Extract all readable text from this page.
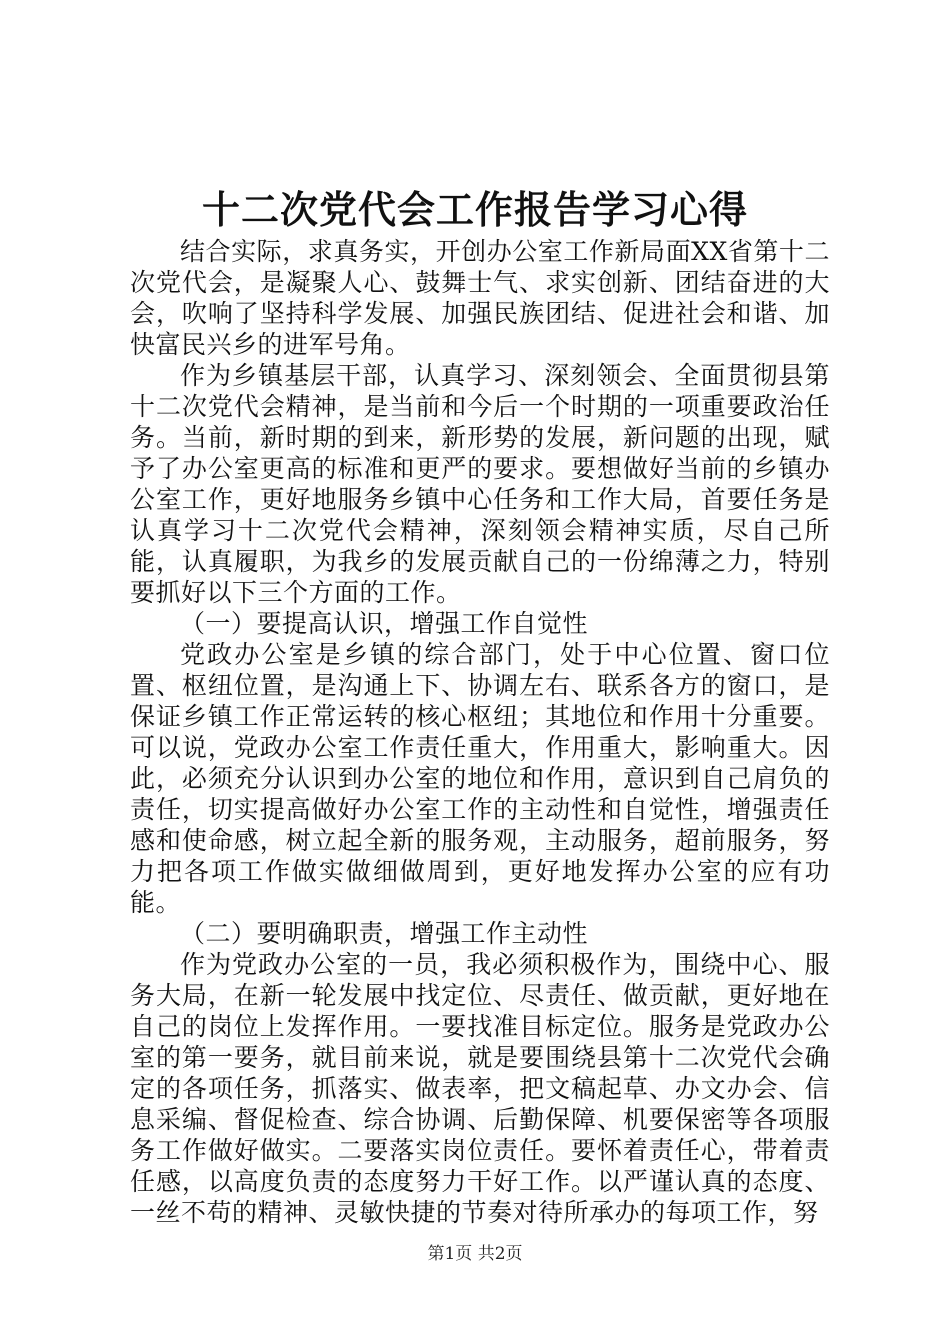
十二次党代会工作报告学习心得

结合实际，求真务实，开创办公室工作新局面XX省第十二次党代会，是凝聚人心、鼓舞士气、求实创新、团结奋进的大会，吹响了坚持科学发展、加强民族团结、促进社会和谐、加快富民兴乡的进军号角。

作为乡镇基层干部，认真学习、深刻领会、全面贯彻县第十二次党代会精神，是当前和今后一个时期的一项重要政治任务。当前，新时期的到来，新形势的发展，新问题的出现，赋予了办公室更高的标准和更严的要求。要想做好当前的乡镇办公室工作，更好地服务乡镇中心任务和工作大局，首要任务是认真学习十二次党代会精神，深刻领会精神实质，尽自己所能，认真履职，为我乡的发展贡献自己的一份绵薄之力，特别要抓好以下三个方面的工作。

（一）要提高认识，增强工作自觉性

党政办公室是乡镇的综合部门，处于中心位置、窗口位置、枢纽位置，是沟通上下、协调左右、联系各方的窗口，是保证乡镇工作正常运转的核心枢纽；其地位和作用十分重要。可以说，党政办公室工作责任重大，作用重大，影响重大。因此，必须充分认识到办公室的地位和作用，意识到自己肩负的责任，切实提高做好办公室工作的主动性和自觉性，增强责任感和使命感，树立起全新的服务观，主动服务，超前服务，努力把各项工作做实做细做周到，更好地发挥办公室的应有功能。

（二）要明确职责，增强工作主动性

作为党政办公室的一员，我必须积极作为，围绕中心、服务大局，在新一轮发展中找定位、尽责任、做贡献，更好地在自己的岗位上发挥作用。一要找准目标定位。服务是党政办公室的第一要务，就目前来说，就是要围绕县第十二次党代会确定的各项任务，抓落实、做表率，把文稿起草、办文办会、信息采编、督促检查、综合协调、后勤保障、机要保密等各项服务工作做好做实。二要落实岗位责任。要怀着责任心，带着责任感，以高度负责的态度努力干好工作。以严谨认真的态度、一丝不苟的精神、灵敏快捷的节奏对待所承办的每项工作，努

第1页 共2页
